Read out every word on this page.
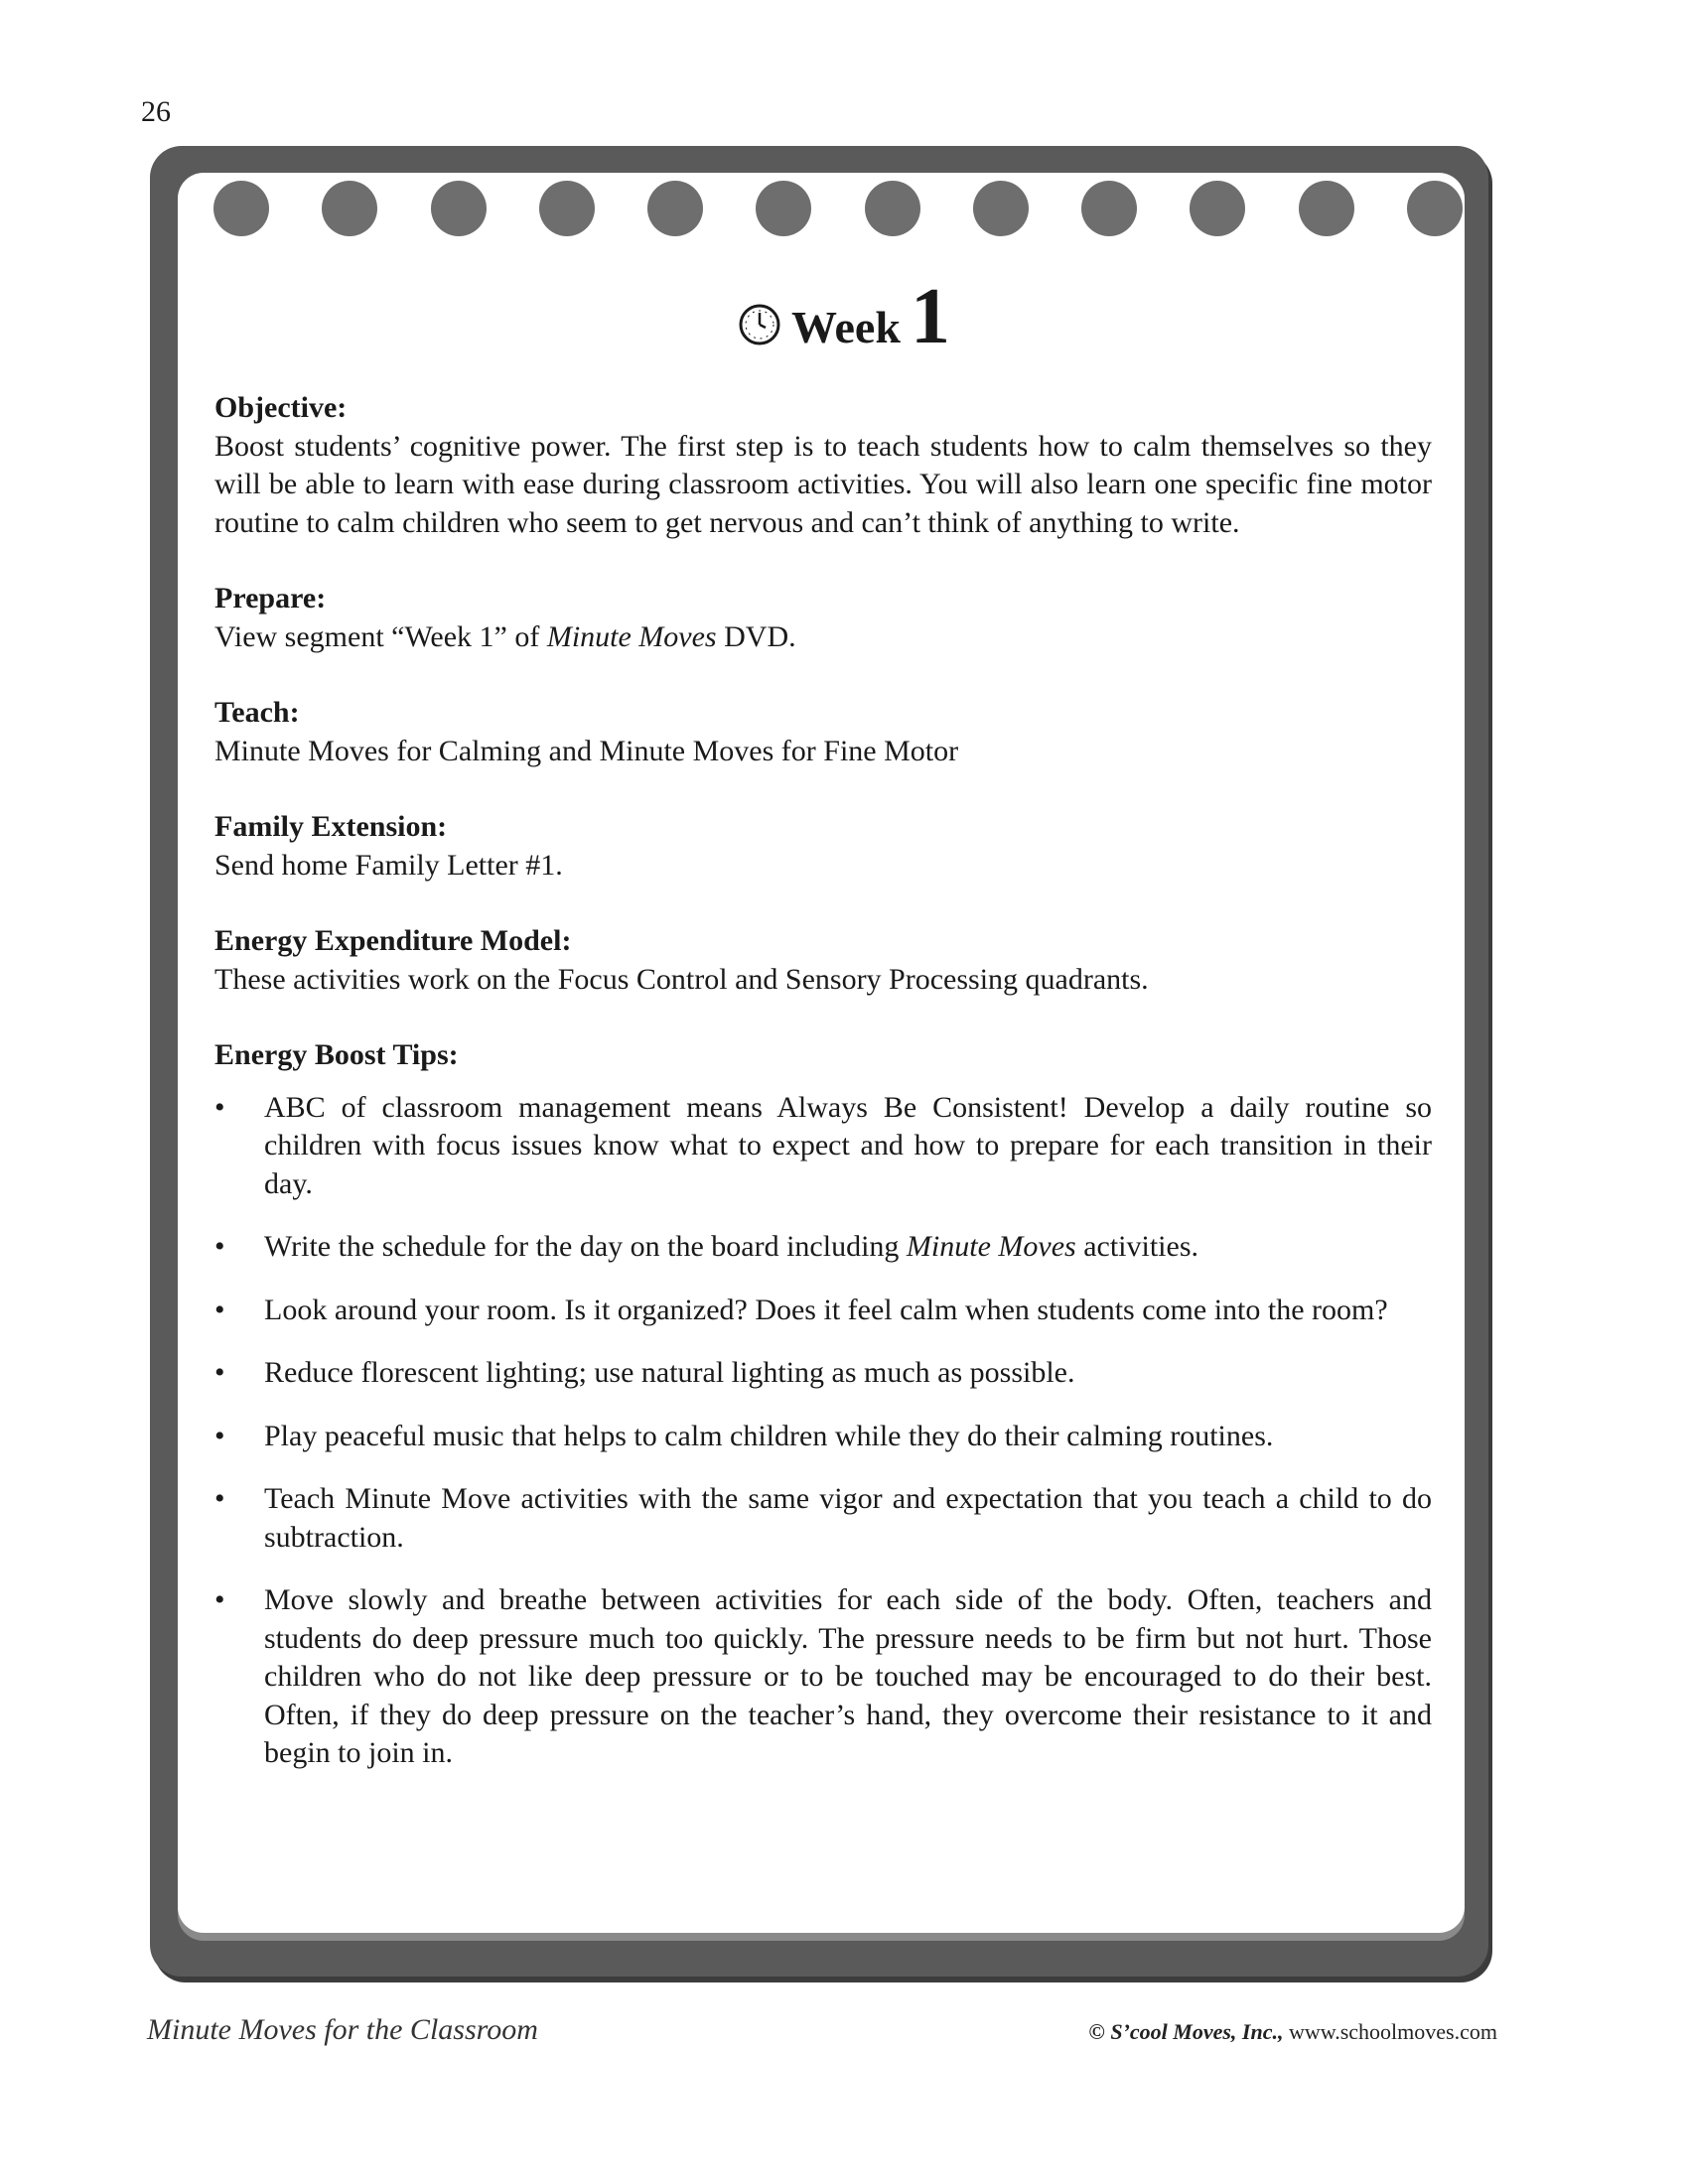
26
Week 1
Objective:
Boost students’ cognitive power. The first step is to teach students how to calm themselves so they will be able to learn with ease during classroom activities. You will also learn one specific fine motor routine to calm children who seem to get nervous and can’t think of anything to write.
Prepare:
View segment “Week 1” of Minute Moves DVD.
Teach:
Minute Moves for Calming and Minute Moves for Fine Motor
Family Extension:
Send home Family Letter #1.
Energy Expenditure Model:
These activities work on the Focus Control and Sensory Processing quadrants.
Energy Boost Tips:
• ABC of classroom management means Always Be Consistent! Develop a daily routine so children with focus issues know what to expect and how to prepare for each transition in their day.
• Write the schedule for the day on the board including Minute Moves activities.
• Look around your room. Is it organized? Does it feel calm when students come into the room?
• Reduce florescent lighting; use natural lighting as much as possible.
• Play peaceful music that helps to calm children while they do their calming routines.
• Teach Minute Move activities with the same vigor and expectation that you teach a child to do subtraction.
• Move slowly and breathe between activities for each side of the body. Often, teachers and students do deep pressure much too quickly. The pressure needs to be firm but not hurt. Those children who do not like deep pressure or to be touched may be encouraged to do their best. Often, if they do deep pressure on the teacher’s hand, they overcome their resistance to it and begin to join in.
Minute Moves for the Classroom	© S’cool Moves, Inc., www.schoolmoves.com
